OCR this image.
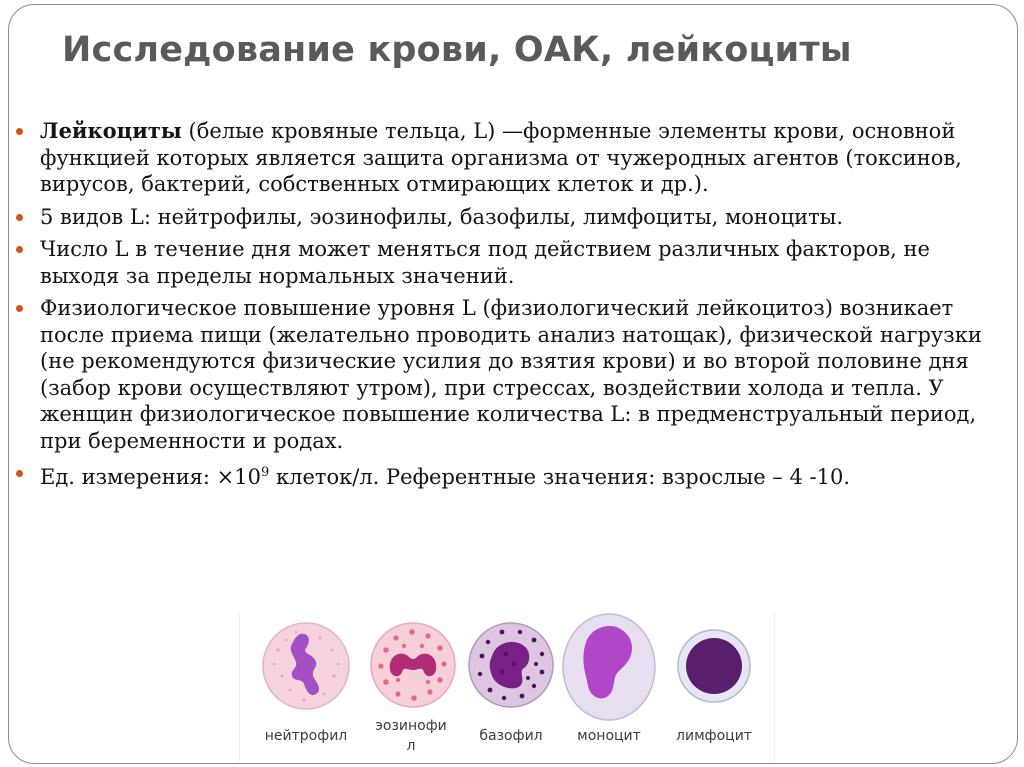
Исследование крови, ОАК, лейкоциты
Лейкоциты (белые кровяные тельца, L) —форменные элементы крови, основной функцией которых является защита организма от чужеродных агентов (токсинов, вирусов, бактерий, собственных отмирающих клеток и др.).
5 видов L: нейтрофилы, эозинофилы, базофилы, лимфоциты, моноциты.
Число L в течение дня может меняться под действием различных факторов, не выходя за пределы нормальных значений.
Физиологическое повышение уровня L (физиологический лейкоцитоз) возникает после приема пищи (желательно проводить анализ натощак), физической нагрузки (не рекомендуются физические усилия до взятия крови) и во второй половине дня (забор крови осуществляют утром), при стрессах, воздействии холода и тепла. У женщин физиологическое повышение количества L: в предменструальный период, при беременности и родах.
Ед. измерения: $\times 10^9$ клеток/л. Референтные значения: взрослые – 4 -10.
нейтрофил
эозинофи л
базофил	моноцит	лимфоцит
